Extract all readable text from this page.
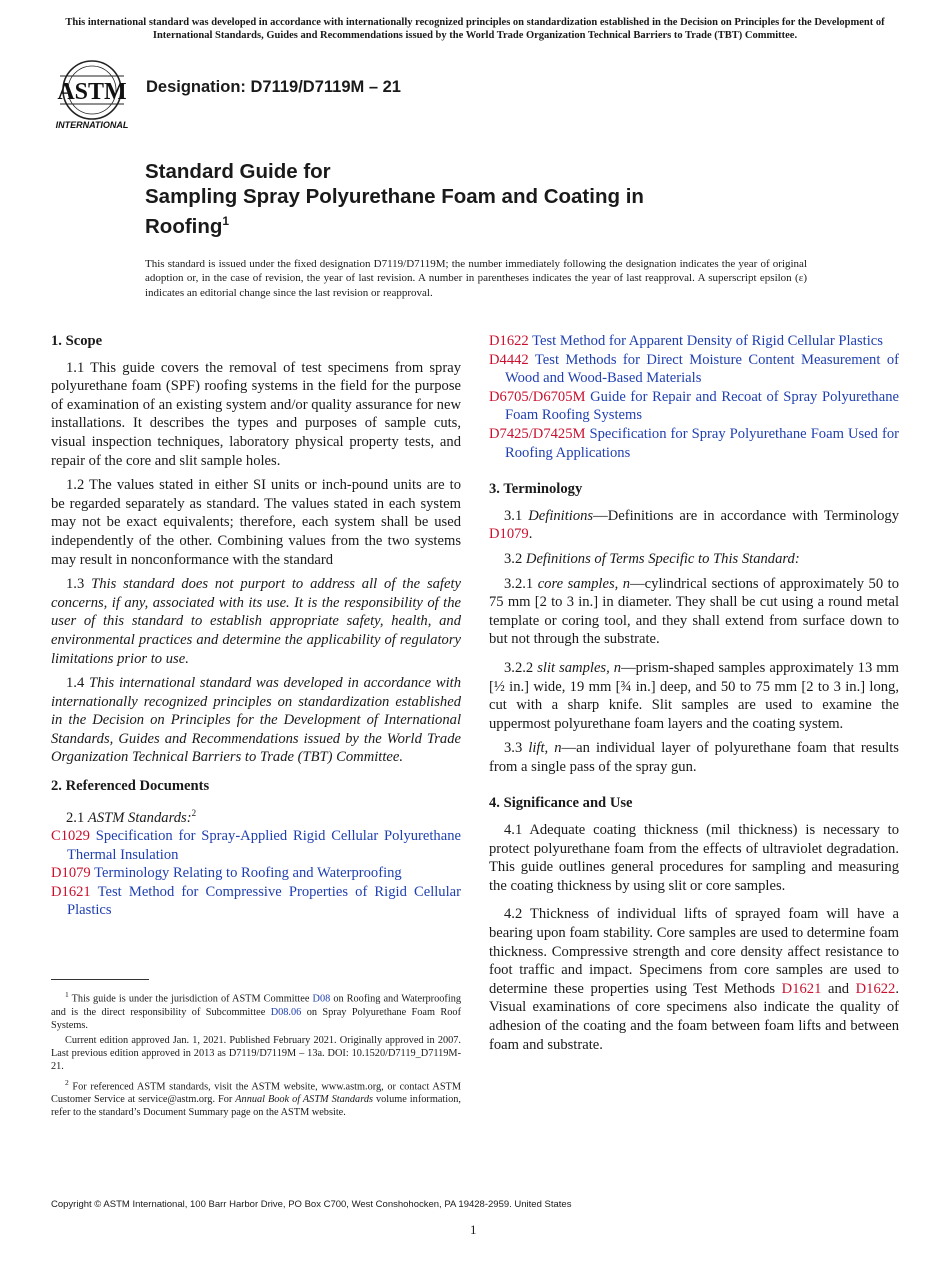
This international standard was developed in accordance with internationally recognized principles on standardization established in the Decision on Principles for the Development of International Standards, Guides and Recommendations issued by the World Trade Organization Technical Barriers to Trade (TBT) Committee.
ASTM
INTERNATIONAL
Designation: D7119/D7119M – 21
Standard Guide for
Sampling Spray Polyurethane Foam and Coating in
Roofing$^1$
This standard is issued under the fixed designation D7119/D7119M; the number immediately following the designation indicates the year of original adoption or, in the case of revision, the year of last revision. A number in parentheses indicates the year of last reapproval. A superscript epsilon (ε) indicates an editorial change since the last revision or reapproval.
1. Scope

1.1 This guide covers the removal of test specimens from spray polyurethane foam (SPF) roofing systems in the field for the purpose of examination of an existing system and/or quality assurance for new installations. It describes the types and purposes of sample cuts, visual inspection techniques, laboratory physical property tests, and repair of the core and slit sample holes.

1.2 The values stated in either SI units or inch-pound units are to be regarded separately as standard. The values stated in each system may not be exact equivalents; therefore, each system shall be used independently of the other. Combining values from the two systems may result in nonconformance with the standard

1.3 This standard does not purport to address all of the safety concerns, if any, associated with its use. It is the responsibility of the user of this standard to establish appropriate safety, health, and environmental practices and determine the applicability of regulatory limitations prior to use.

1.4 This international standard was developed in accordance with internationally recognized principles on standardization established in the Decision on Principles for the Development of International Standards, Guides and Recommendations issued by the World Trade Organization Technical Barriers to Trade (TBT) Committee.

2. Referenced Documents

2.1 ASTM Standards:$^2$

C1029 Specification for Spray-Applied Rigid Cellular Polyurethane Thermal Insulation
D1079 Terminology Relating to Roofing and Waterproofing
D1621 Test Method for Compressive Properties of Rigid Cellular Plastics

$^1$ This guide is under the jurisdiction of ASTM Committee D08 on Roofing and Waterproofing and is the direct responsibility of Subcommittee D08.06 on Spray Polyurethane Foam Roof Systems.

Current edition approved Jan. 1, 2021. Published February 2021. Originally approved in 2007. Last previous edition approved in 2013 as D7119/D7119M – 13a. DOI: 10.1520/D7119_D7119M-21.

$^2$ For referenced ASTM standards, visit the ASTM website, www.astm.org, or contact ASTM Customer Service at service@astm.org. For Annual Book of ASTM Standards volume information, refer to the standard’s Document Summary page on the ASTM website.

D1622 Test Method for Apparent Density of Rigid Cellular Plastics
D4442 Test Methods for Direct Moisture Content Measurement of Wood and Wood-Based Materials
D6705/D6705M Guide for Repair and Recoat of Spray Polyurethane Foam Roofing Systems
D7425/D7425M Specification for Spray Polyurethane Foam Used for Roofing Applications
3. Terminology

3.1 Definitions—Definitions are in accordance with Terminology D1079.

3.2 Definitions of Terms Specific to This Standard:

3.2.1 core samples, n—cylindrical sections of approximately 50 to 75 mm [2 to 3 in.] in diameter. They shall be cut using a round metal template or coring tool, and they shall extend from surface down to but not through the substrate.

3.2.2 slit samples, n—prism-shaped samples approximately 13 mm [½ in.] wide, 19 mm [¾ in.] deep, and 50 to 75 mm [2 to 3 in.] long, cut with a sharp knife. Slit samples are used to examine the uppermost polyurethane foam layers and the coating system.

3.3 lift, n—an individual layer of polyurethane foam that results from a single pass of the spray gun.

4. Significance and Use

4.1 Adequate coating thickness (mil thickness) is necessary to protect polyurethane foam from the effects of ultraviolet degradation. This guide outlines general procedures for sampling and measuring the coating thickness by using slit or core samples.

4.2 Thickness of individual lifts of sprayed foam will have a bearing upon foam stability. Core samples are used to determine foam thickness. Compressive strength and core density affect resistance to foot traffic and impact. Specimens from core samples are used to determine these properties using Test Methods D1621 and D1622. Visual examinations of core specimens also indicate the quality of adhesion of the coating and the foam between foam lifts and between foam and substrate.

Copyright © ASTM International, 100 Barr Harbor Drive, PO Box C700, West Conshohocken, PA 19428-2959. United States
1
